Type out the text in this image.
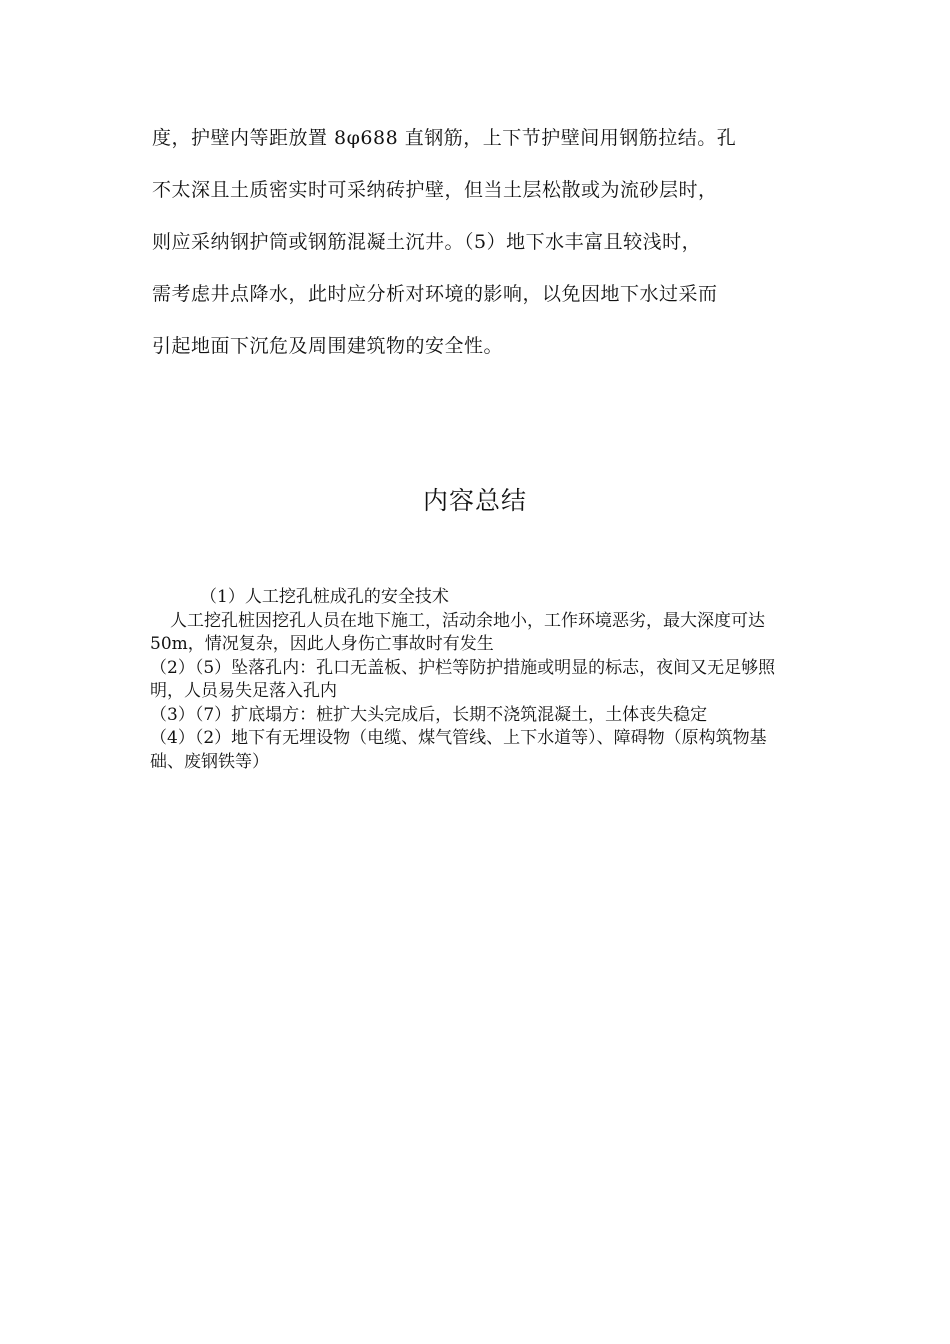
度，护壁内等距放置 8φ688 直钢筋，上下节护壁间用钢筋拉结。孔
不太深且土质密实时可采纳砖护壁，但当土层松散或为流砂层时，
则应采纳钢护筒或钢筋混凝土沉井。（5）地下水丰富且较浅时，
需考虑井点降水，此时应分析对环境的影响，以免因地下水过采而
引起地面下沉危及周围建筑物的安全性。
内容总结

（1）人工挖孔桩成孔的安全技术

人工挖孔桩因挖孔人员在地下施工，活动余地小，工作环境恶劣，最大深度可达 50m，情况复杂，因此人身伤亡事故时有发生

（2）（5）坠落孔内：孔口无盖板、护栏等防护措施或明显的标志，夜间又无足够照明，人员易失足落入孔内

（3）（7）扩底塌方：桩扩大头完成后，长期不浇筑混凝土，土体丧失稳定

（4）（2）地下有无埋设物（电缆、煤气管线、上下水道等）、障碍物（原构筑物基础、废钢铁等）
